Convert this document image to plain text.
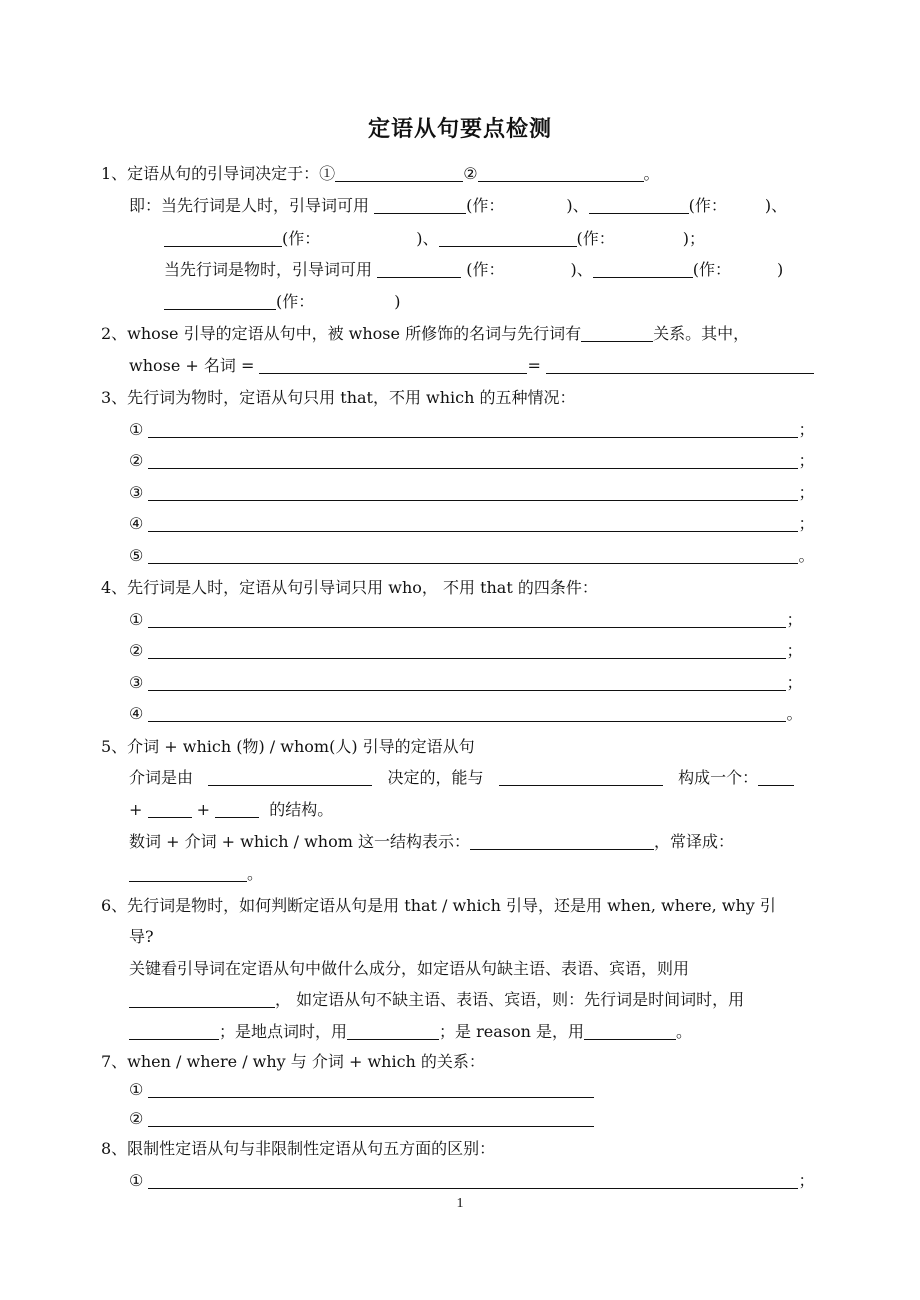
定语从句要点检测
1、定语从句的引导词决定于：①	②	。
即：当先行词是人时，引导词可用	(作：	)、	(作： )、
(作：	)、	(作：	)；
当先行词是物时，引导词可用	(作：	)、	(作：	)
(作：	)
2、whose 引导的定语从句中，被 whose 所修饰的名词与先行词有	关系。其中，
whose + 名词 =	=
3、先行词为物时，定语从句只用 that，不用 which 的五种情况：
①	；
②	；
③	；
④	；
⑤	。
4、先行词是人时，定语从句引导词只用 who， 不用 that 的四条件：
①	；
②	；
③	；
④	。
5、介词 + which (物) / whom(人) 引导的定语从句
介词是由	决定的，能与	构成一个：
+	+	的结构。
数词 + 介词 + which / whom 这一结构表示：	，常译成：
。
6、先行词是物时，如何判断定语从句是用 that / which 引导，还是用 when, where, why 引
导?
关键看引导词在定语从句中做什么成分，如定语从句缺主语、表语、宾语，则用
， 如定语从句不缺主语、表语、宾语，则：先行词是时间词时，用
；是地点词时，用	；是 reason 是，用	。
7、when / where / why 与 介词 + which 的关系：
①
②
8、限制性定语从句与非限制性定语从句五方面的区别：
①	；
1
